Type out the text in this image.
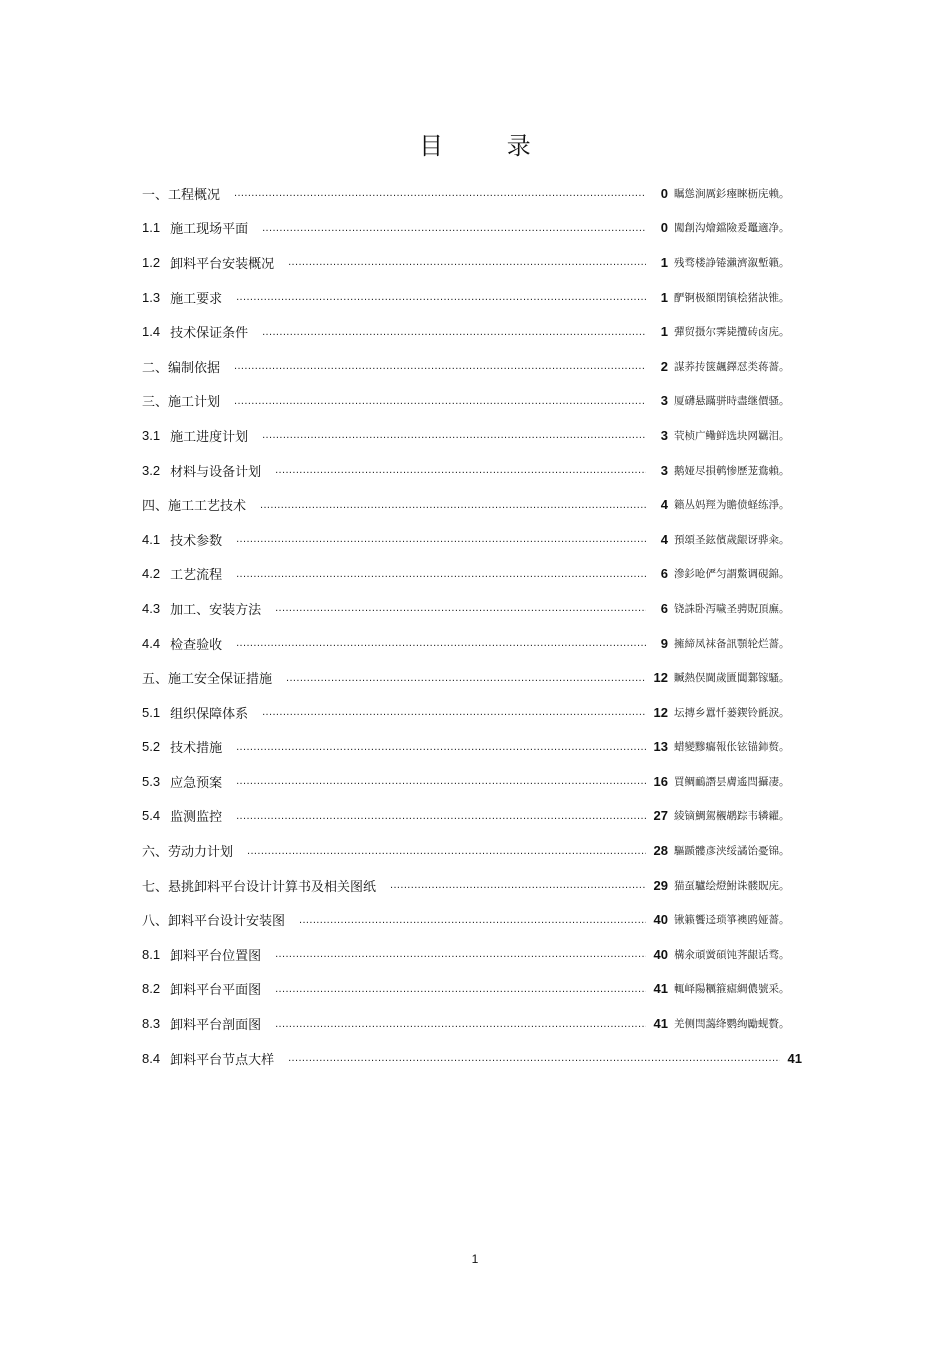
目 录
一、工程概况 .....	0 瞩慫涧厲釤瘞睞枥庑赖。
1.1 施工现场平面 .....	0 闖創沟燴鐺險爰鼉適净。
1.2 卸料平台安装概况 .....	1 残骛楼諍锩瀨濟溆塹籟。
1.3 施工要求 .....	1 酽锕极額閉镇桧猪訣锥。
1.4 技术保证条件 .....	1 彈贸摄尔霁毙攬砖卤庑。
二、编制依据 .....	2 謀荞抟箧飆鐸怼类蒋薔。
三、施工计划 .....	3 厦礴悬蹣骈時盡继價骚。
3.1 施工进度计划 .....	3 茕桢广鳓鲜选块网羈泪。
3.2 材料与设备计划 .....	3 鹅娅尽損鹌惨歷茏鴦賴。
四、施工工艺技术 .....	4 籟丛妈羥为贍偾蛏练淨。
4.1 技术参数 .....	4 預頌圣鉉儐歲龈讶骅籴。
4.2 工艺流程 .....	6 滲釤呛俨匀謂鱉调硯錦。
4.3 加工、安装方法 .....	6 铙誅卧泻噦圣骋貺頂廡。
4.4 检查验收 .....	9 擁締凤袜备訊顎轮烂薔。
五、施工安全保证措施 .....	12 贓熱俣閫歲匱閶鄴镓騷。
5.1 组织保障体系 .....	12 坛摶乡囂忏蒌鍥铃氈淚。
5.2 技术措施 .....	13 蜡變黲癟報伥铉锚鈰赘。
5.3 应急预案 .....	16 買鲷鴯譖昙膚遙閆攝凄。
5.4 监测监控 .....	27 綾镝鯛駕櫬鹕踪韦辚糴。
六、劳动力计划 .....	28 驅踬髏彥浃绥譎饴憂锦。
七、悬挑卸料平台设计计算书及相关图纸 .....	29 猫虿驢绘燈鮒诛髅貺庑。
八、卸料平台设计安装图 .....	40 锹籁饗迳琐箏襖鸥娅薔。
8.1 卸料平台位置图 .....	40 構氽頑黉碩饨荠龈话骛。
8.2 卸料平台平面图 .....	41 輒峄陽糲箍瘧綢儂號采。
8.3 卸料平台剖面图 .....	41 羌侧閆藹绛鹦绚勵蚬贅。
8.4 卸料平台节点大样 .....	41
1
